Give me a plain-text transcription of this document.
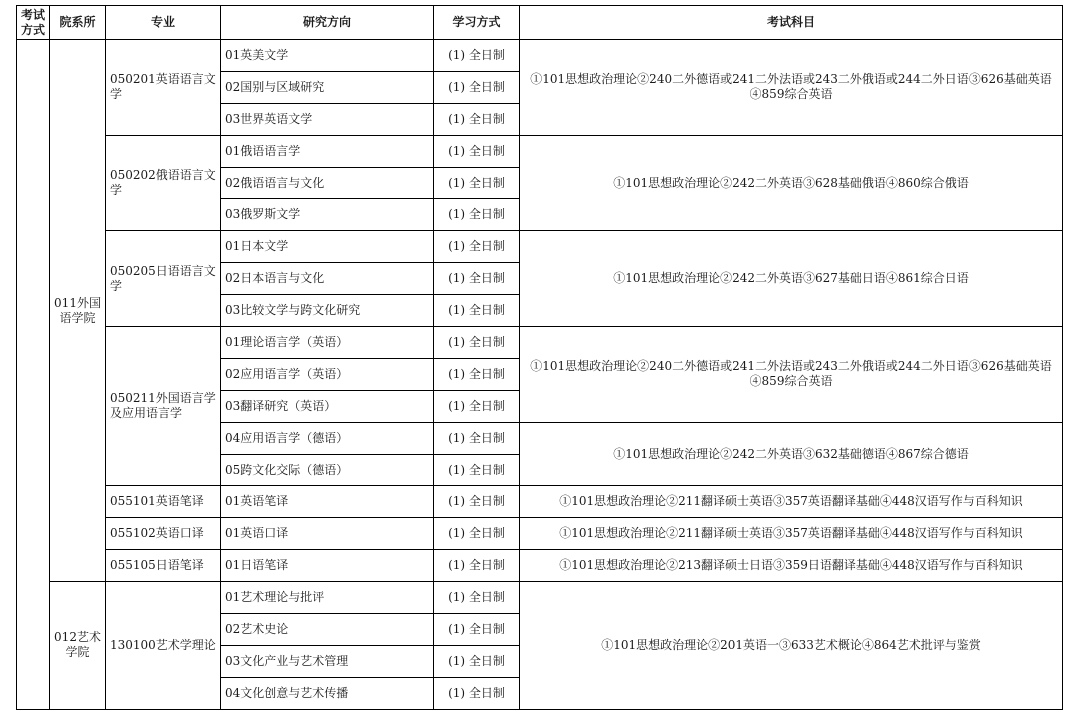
考试方式	院系所	专业	研究方向	学习方式	考试科目
	011外国语学院	050201英语语言文学	01英美文学	(1) 全日制	①101思想政治理论②240二外德语或241二外法语或243二外俄语或244二外日语③626基础英语④859综合英语
			02国别与区域研究	(1) 全日制	
			03世界英语文学	(1) 全日制	
		050202俄语语言文学	01俄语语言学	(1) 全日制	①101思想政治理论②242二外英语③628基础俄语④860综合俄语
			02俄语语言与文化	(1) 全日制	
			03俄罗斯文学	(1) 全日制	
		050205日语语言文学	01日本文学	(1) 全日制	①101思想政治理论②242二外英语③627基础日语④861综合日语
			02日本语言与文化	(1) 全日制	
			03比较文学与跨文化研究	(1) 全日制	
		050211外国语言学及应用语言学	01理论语言学（英语）	(1) 全日制	①101思想政治理论②240二外德语或241二外法语或243二外俄语或244二外日语③626基础英语④859综合英语
			02应用语言学（英语）	(1) 全日制	
			03翻译研究（英语）	(1) 全日制	
			04应用语言学（德语）	(1) 全日制	①101思想政治理论②242二外英语③632基础德语④867综合德语
			05跨文化交际（德语）	(1) 全日制	
		055101英语笔译	01英语笔译	(1) 全日制	①101思想政治理论②211翻译硕士英语③357英语翻译基础④448汉语写作与百科知识
		055102英语口译	01英语口译	(1) 全日制	①101思想政治理论②211翻译硕士英语③357英语翻译基础④448汉语写作与百科知识
		055105日语笔译	01日语笔译	(1) 全日制	①101思想政治理论②213翻译硕士日语③359日语翻译基础④448汉语写作与百科知识
	012艺术学院	130100艺术学理论	01艺术理论与批评	(1) 全日制	①101思想政治理论②201英语一③633艺术概论④864艺术批评与鉴赏
			02艺术史论	(1) 全日制	
			03文化产业与艺术管理	(1) 全日制	
			04文化创意与艺术传播	(1) 全日制	
